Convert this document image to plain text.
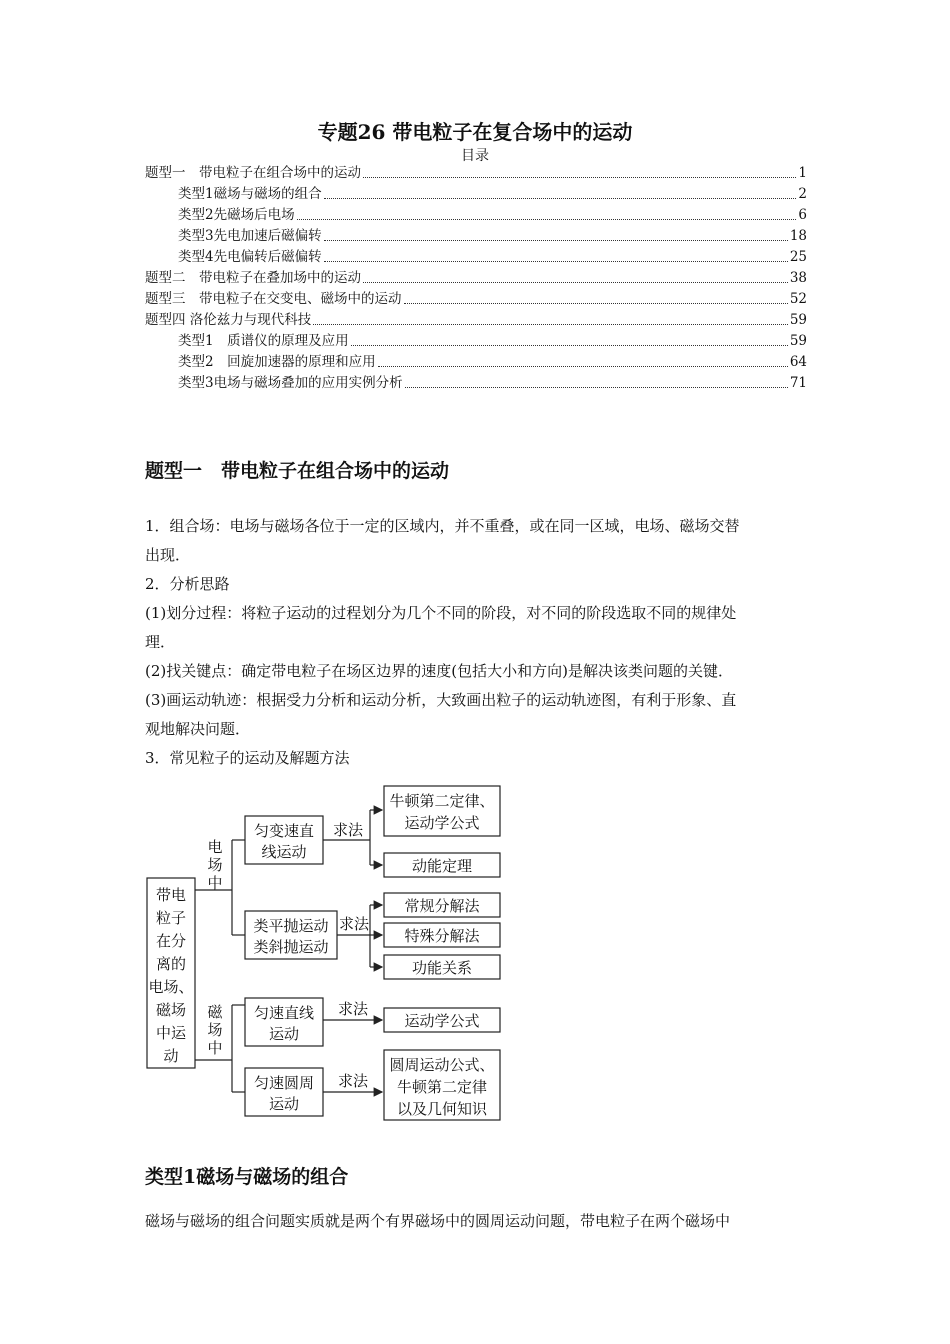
专题26 带电粒子在复合场中的运动
目录
题型一　带电粒子在组合场中的运动	1
类型1磁场与磁场的组合	2
类型2先磁场后电场	6
类型3先电加速后磁偏转	18
类型4先电偏转后磁偏转	25
题型二　带电粒子在叠加场中的运动	38
题型三　带电粒子在交变电、磁场中的运动	52
题型四 洛伦兹力与现代科技	59
类型1　质谱仪的原理及应用	59
类型2　回旋加速器的原理和应用	64
类型3电场与磁场叠加的应用实例分析	71
题型一　带电粒子在组合场中的运动

1．组合场：电场与磁场各位于一定的区域内，并不重叠，或在同一区域，电场、磁场交替

出现．

2．分析思路

(1)划分过程：将粒子运动的过程划分为几个不同的阶段，对不同的阶段选取不同的规律处

理．

(2)找关键点：确定带电粒子在场区边界的速度(包括大小和方向)是解决该类问题的关键．

(3)画运动轨迹：根据受力分析和运动分析，大致画出粒子的运动轨迹图，有利于形象、直

观地解决问题．

3．常见粒子的运动及解题方法

带电
粒子
在分
离的
电场、
磁场
中运
动
电
场
中
磁
场
中
匀变速直
线运动
类平抛运动
类斜抛运动
匀速直线
运动
匀速圆周
运动
求法
牛顿第二定律、
运动学公式
动能定理
求法
常规分解法
特殊分解法
功能关系
求法
运动学公式
求法
圆周运动公式、
牛顿第二定律
以及几何知识
类型1磁场与磁场的组合

磁场与磁场的组合问题实质就是两个有界磁场中的圆周运动问题，带电粒子在两个磁场中
